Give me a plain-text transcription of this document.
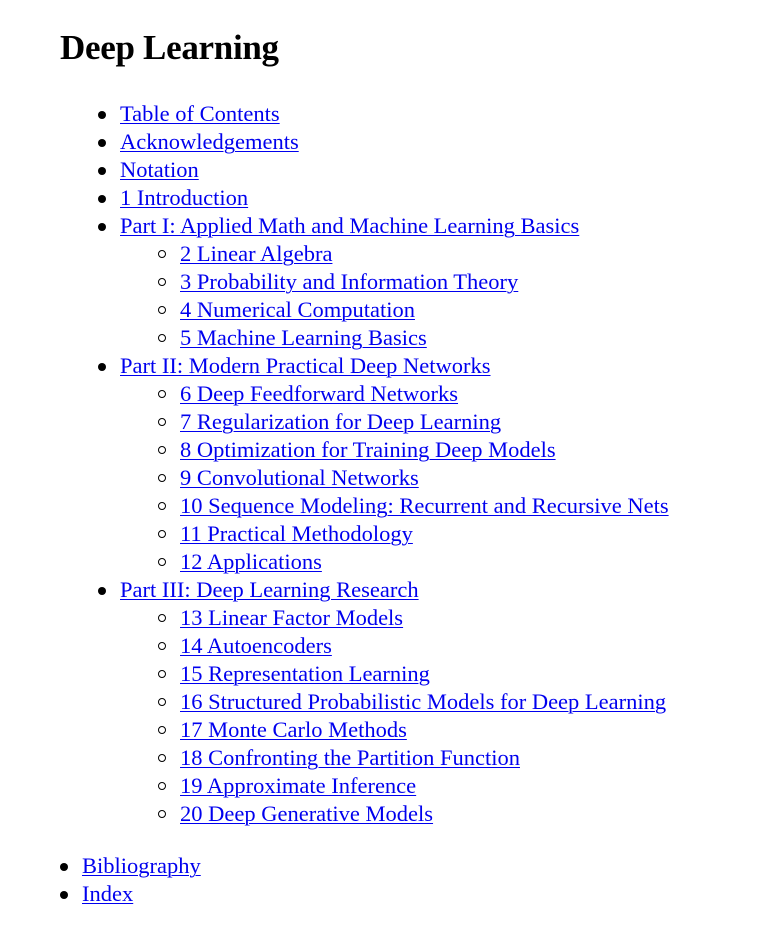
Deep Learning
Table of Contents
Acknowledgements
Notation
1 Introduction
Part I: Applied Math and Machine Learning Basics
2 Linear Algebra
3 Probability and Information Theory
4 Numerical Computation
5 Machine Learning Basics
Part II: Modern Practical Deep Networks
6 Deep Feedforward Networks
7 Regularization for Deep Learning
8 Optimization for Training Deep Models
9 Convolutional Networks
10 Sequence Modeling: Recurrent and Recursive Nets
11 Practical Methodology
12 Applications
Part III: Deep Learning Research
13 Linear Factor Models
14 Autoencoders
15 Representation Learning
16 Structured Probabilistic Models for Deep Learning
17 Monte Carlo Methods
18 Confronting the Partition Function
19 Approximate Inference
20 Deep Generative Models
Bibliography
Index
